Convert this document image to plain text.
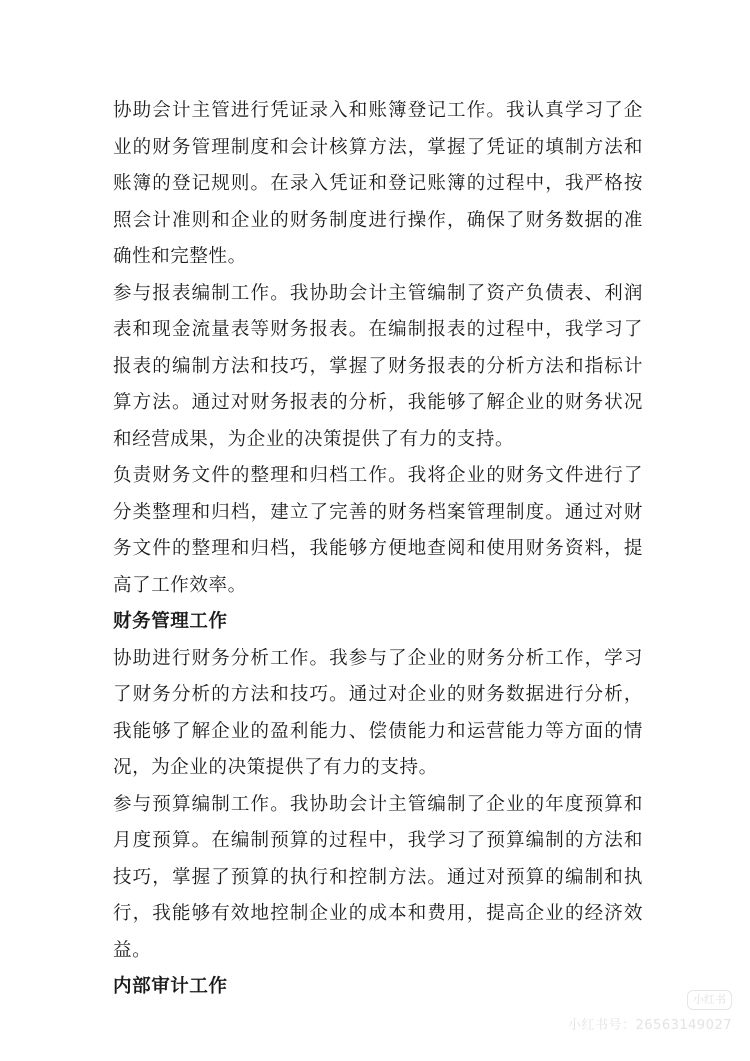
协助会计主管进行凭证录入和账簿登记工作。我认真学习了企业的财务管理制度和会计核算方法，掌握了凭证的填制方法和账簿的登记规则。在录入凭证和登记账簿的过程中，我严格按照会计准则和企业的财务制度进行操作，确保了财务数据的准确性和完整性。

参与报表编制工作。我协助会计主管编制了资产负债表、利润表和现金流量表等财务报表。在编制报表的过程中，我学习了报表的编制方法和技巧，掌握了财务报表的分析方法和指标计算方法。通过对财务报表的分析，我能够了解企业的财务状况和经营成果，为企业的决策提供了有力的支持。

负责财务文件的整理和归档工作。我将企业的财务文件进行了分类整理和归档，建立了完善的财务档案管理制度。通过对财务文件的整理和归档，我能够方便地查阅和使用财务资料，提高了工作效率。

财务管理工作

协助进行财务分析工作。我参与了企业的财务分析工作，学习了财务分析的方法和技巧。通过对企业的财务数据进行分析，我能够了解企业的盈利能力、偿债能力和运营能力等方面的情况，为企业的决策提供了有力的支持。

参与预算编制工作。我协助会计主管编制了企业的年度预算和月度预算。在编制预算的过程中，我学习了预算编制的方法和技巧，掌握了预算的执行和控制方法。通过对预算的编制和执行，我能够有效地控制企业的成本和费用，提高企业的经济效益。

内部审计工作
小红书
小红书号：26563149027
